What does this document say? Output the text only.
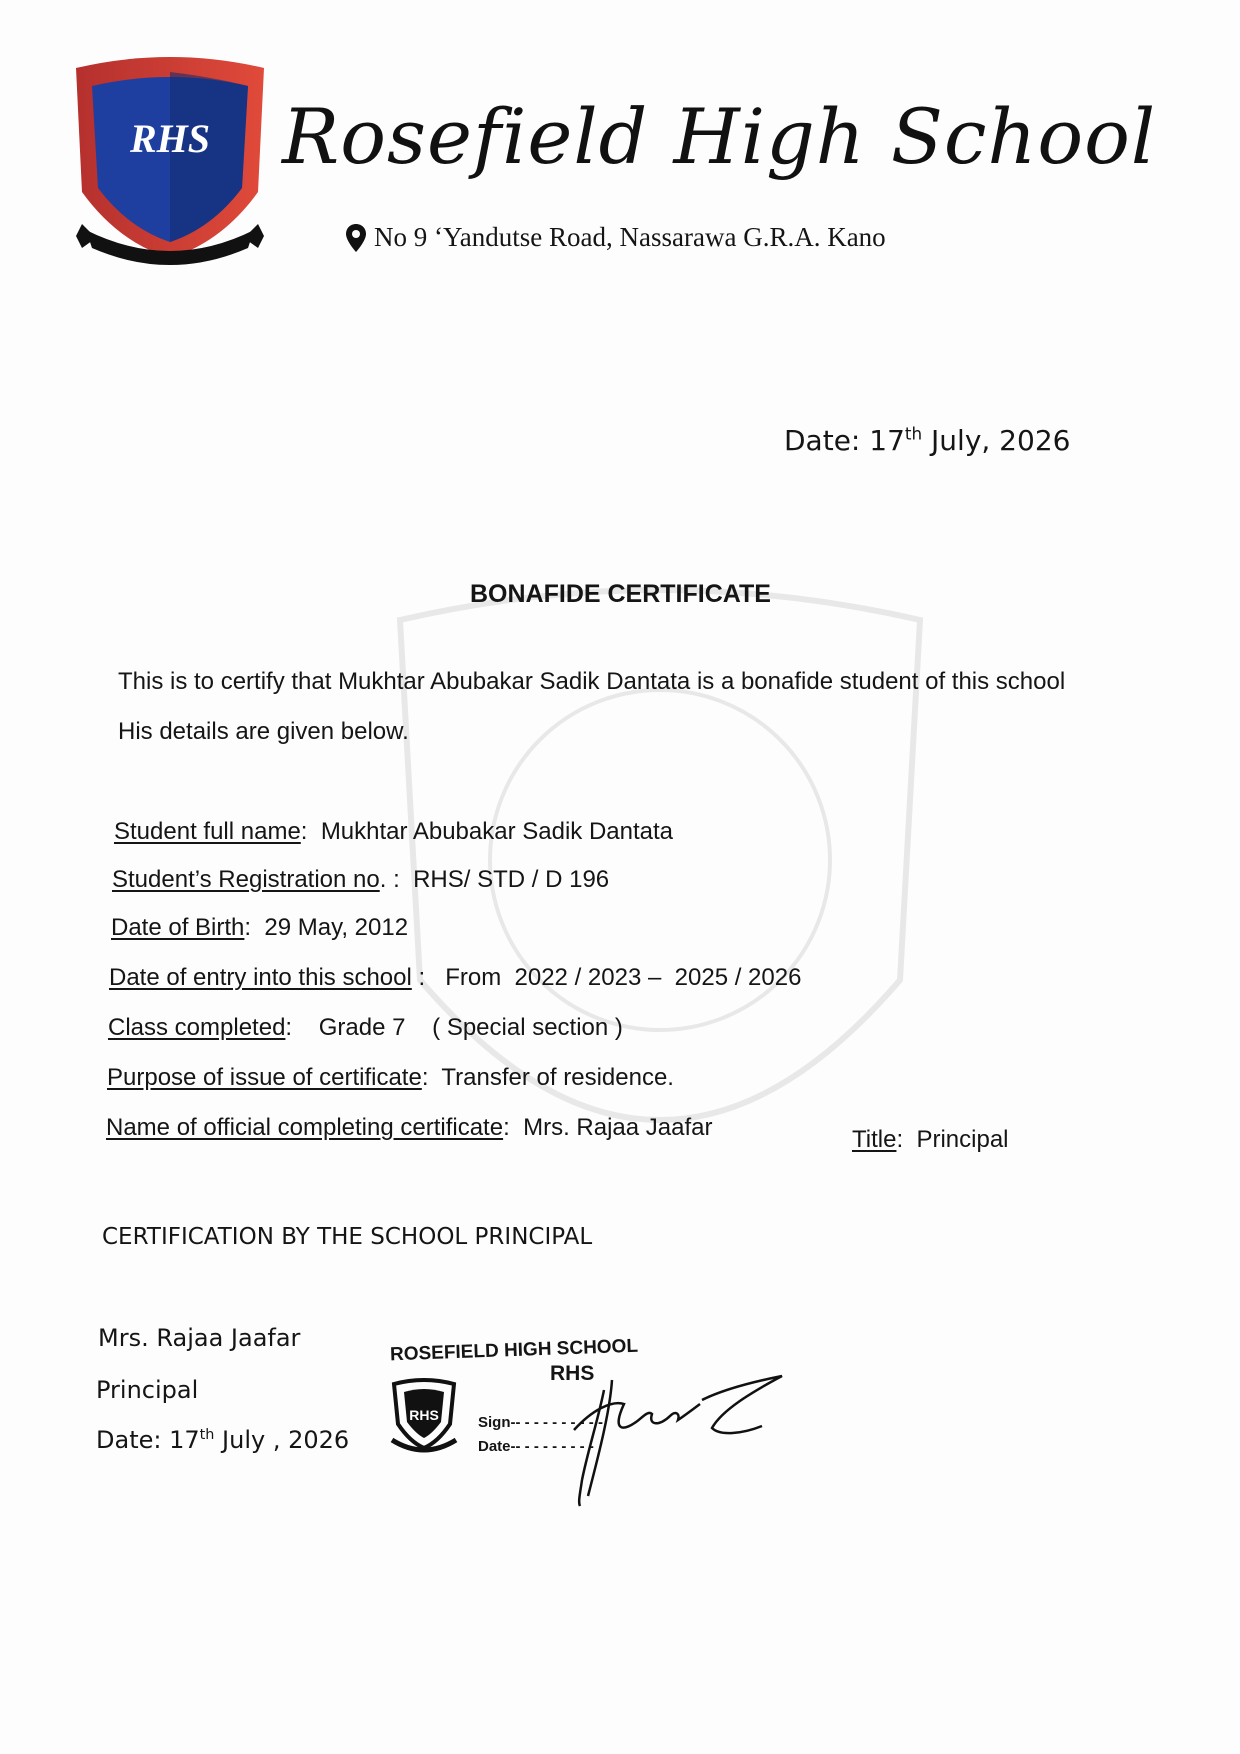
RHS Rosefield High School
No 9 ‘Yandutse Road, Nassarawa G.R.A. Kano
Date: 17th July, 2026
BONAFIDE CERTIFICATE
This is to certify that Mukhtar Abubakar Sadik Dantata is a bonafide student of this school
His details are given below.
Student full name: Mukhtar Abubakar Sadik Dantata
Student’s Registration no. : RHS/ STD / D 196
Date of Birth: 29 May, 2012
Date of entry into this school : From  2022 / 2023 –  2025 / 2026
Class completed: Grade 7    ( Special section )
Purpose of issue of certificate: Transfer of residence.
Name of official completing certificate: Mrs. Rajaa Jaafar	Title: Principal
CERTIFICATION BY THE SCHOOL PRINCIPAL
Mrs. Rajaa Jaafar
Principal
Date: 17th July , 2026
ROSEFIELD HIGH SCHOOL
RHS
RHS	Sign-- - - - - - - - - -
Date-- - - - - - - - -
